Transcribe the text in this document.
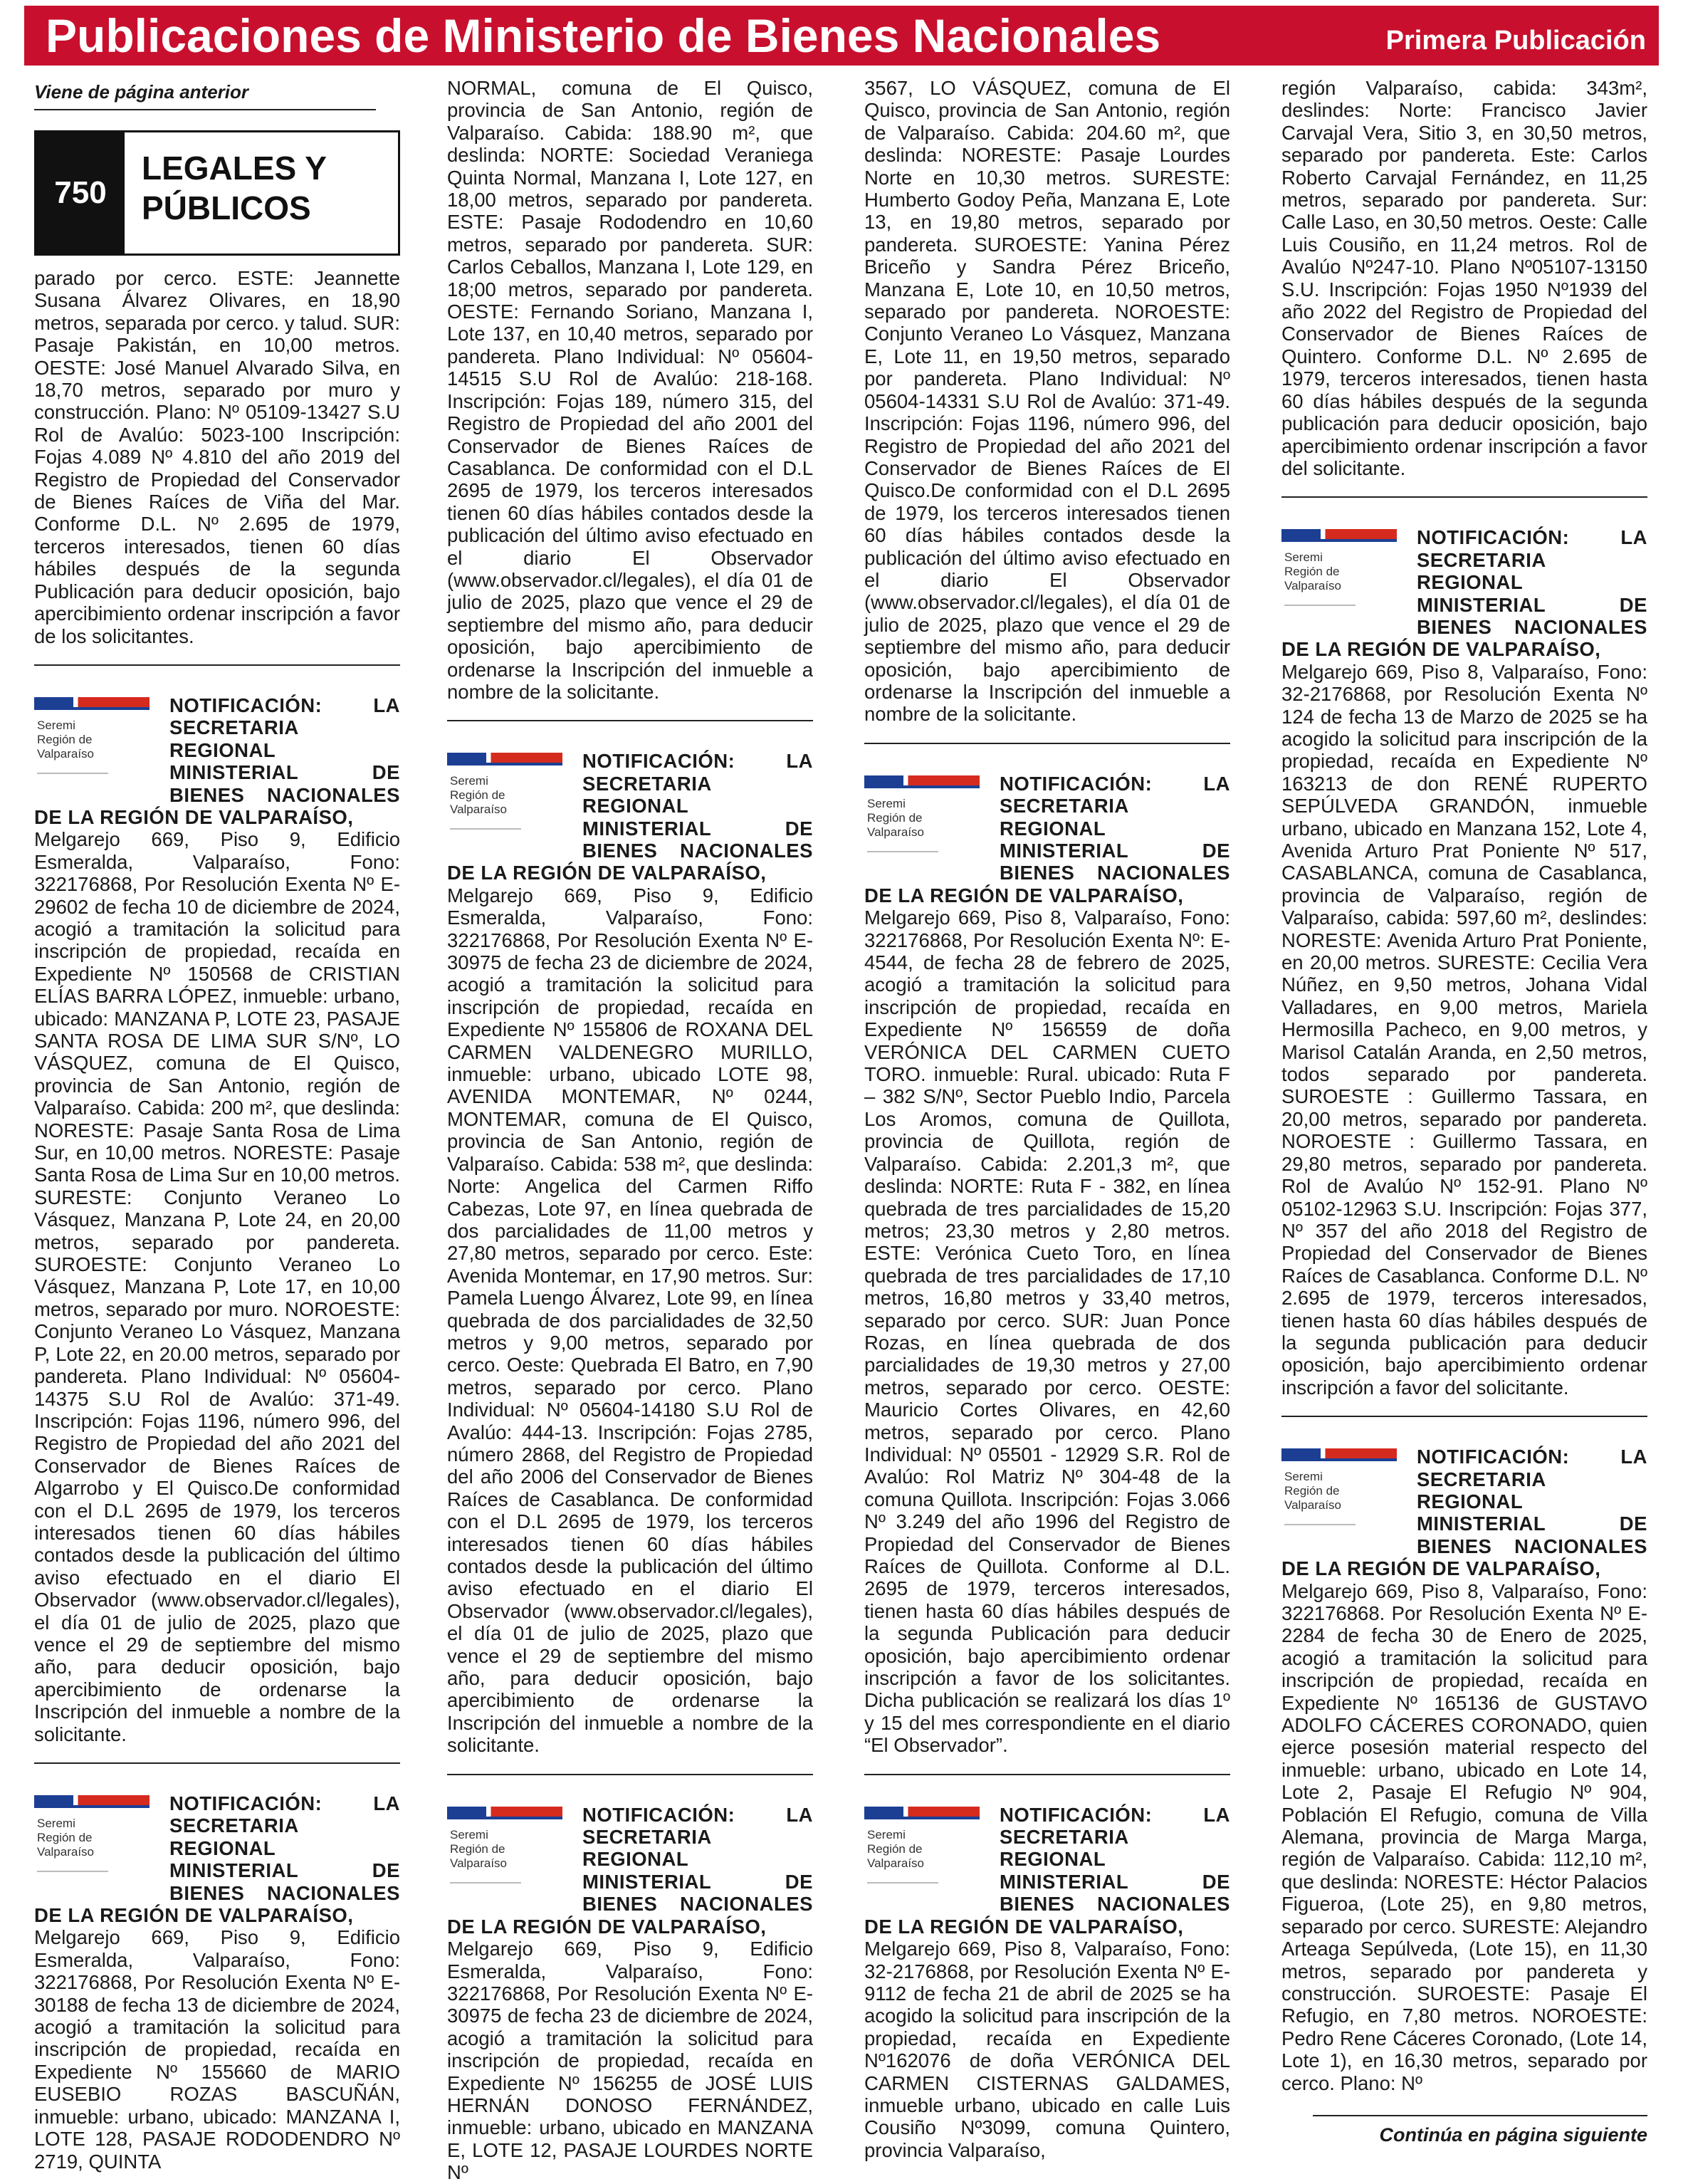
Publicaciones de Ministerio de Bienes Nacionales	Primera Publicación
Viene de página anterior
750
LEGALES Y
PÚBLICOS
parado por cerco. ESTE: Jeannette Susana Álvarez Olivares, en 18,90 metros, separada por cerco. y talud. SUR: Pasaje Pakistán, en 10,00 metros. OESTE: José Manuel Alvarado Silva, en 18,70 metros, separado por muro y construcción. Plano: Nº 05109-13427 S.U Rol de Avalúo: 5023-100 Inscripción: Fojas 4.089 Nº 4.810 del año 2019 del Registro de Propiedad del Conservador de Bienes Raíces de Viña del Mar. Conforme D.L. Nº 2.695 de 1979, terceros interesados, tienen 60 días hábiles después de la segunda Publicación para deducir oposición, bajo apercibimiento ordenar inscripción a favor de los solicitantes.
Seremi
Región de
Valparaíso
NOTIFICACIÓN: LA SECRETARIA REGIONAL MINISTERIAL DE BIENES NACIONALES DE LA REGIÓN DE VALPARAÍSO,
Melgarejo 669, Piso 9, Edificio Esmeralda, Valparaíso, Fono: 322176868, Por Resolución Exenta Nº E-29602 de fecha 10 de diciembre de 2024, acogió a tramitación la solicitud para inscripción de propiedad, recaída en Expediente Nº 150568 de CRISTIAN ELÍAS BARRA LÓPEZ, inmueble: urbano, ubicado: MANZANA P, LOTE 23, PASAJE SANTA ROSA DE LIMA SUR S/Nº, LO VÁSQUEZ, comuna de El Quisco, provincia de San Antonio, región de Valparaíso. Cabida: 200 m², que deslinda: NORESTE: Pasaje Santa Rosa de Lima Sur, en 10,00 metros. NORESTE: Pasaje Santa Rosa de Lima Sur en 10,00 metros. SURESTE: Conjunto Veraneo Lo Vásquez, Manzana P, Lote 24, en 20,00 metros, separado por pandereta. SUROESTE: Conjunto Veraneo Lo Vásquez, Manzana P, Lote 17, en 10,00 metros, separado por muro. NOROESTE: Conjunto Veraneo Lo Vásquez, Manzana P, Lote 22, en 20.00 metros, separado por pandereta. Plano Individual: Nº 05604-14375 S.U Rol de Avalúo: 371-49. Inscripción: Fojas 1196, número 996, del Registro de Propiedad del año 2021 del Conservador de Bienes Raíces de Algarrobo y El Quisco.De conformidad con el D.L 2695 de 1979, los terceros interesados tienen 60 días hábiles contados desde la publicación del último aviso efectuado en el diario El Observador (www.observador.cl/legales), el día 01 de julio de 2025, plazo que vence el 29 de septiembre del mismo año, para deducir oposición, bajo apercibimiento de ordenarse la Inscripción del inmueble a nombre de la solicitante.
Seremi
Región de
Valparaíso
NOTIFICACIÓN: LA SECRETARIA REGIONAL MINISTERIAL DE BIENES NACIONALES DE LA REGIÓN DE VALPARAÍSO,
Melgarejo 669, Piso 9, Edificio Esmeralda, Valparaíso, Fono: 322176868, Por Resolución Exenta Nº E-30188 de fecha 13 de diciembre de 2024, acogió a tramitación la solicitud para inscripción de propiedad, recaída en Expediente Nº 155660 de MARIO EUSEBIO ROZAS BASCUÑÁN, inmueble: urbano, ubicado: MANZANA I, LOTE 128, PASAJE RODODENDRO Nº 2719, QUINTA
NORMAL, comuna de El Quisco, provincia de San Antonio, región de Valparaíso. Cabida: 188.90 m², que deslinda: NORTE: Sociedad Veraniega Quinta Normal, Manzana I, Lote 127, en 18,00 metros, separado por pandereta. ESTE: Pasaje Rododendro en 10,60 metros, separado por pandereta. SUR: Carlos Ceballos, Manzana I, Lote 129, en 18;00 metros, separado por pandereta. OESTE: Fernando Soriano, Manzana I, Lote 137, en 10,40 metros, separado por pandereta. Plano Individual: Nº 05604-14515 S.U Rol de Avalúo: 218-168. Inscripción: Fojas 189, número 315, del Registro de Propiedad del año 2001 del Conservador de Bienes Raíces de Casablanca. De conformidad con el D.L 2695 de 1979, los terceros interesados tienen 60 días hábiles contados desde la publicación del último aviso efectuado en el diario El Observador (www.observador.cl/legales), el día 01 de julio de 2025, plazo que vence el 29 de septiembre del mismo año, para deducir oposición, bajo apercibimiento de ordenarse la Inscripción del inmueble a nombre de la solicitante.
Seremi
Región de
Valparaíso
NOTIFICACIÓN: LA SECRETARIA REGIONAL MINISTERIAL DE BIENES NACIONALES DE LA REGIÓN DE VALPARAÍSO,
Melgarejo 669, Piso 9, Edificio Esmeralda, Valparaíso, Fono: 322176868, Por Resolución Exenta Nº E-30975 de fecha 23 de diciembre de 2024, acogió a tramitación la solicitud para inscripción de propiedad, recaída en Expediente Nº 155806 de ROXANA DEL CARMEN VALDENEGRO MURILLO, inmueble: urbano, ubicado LOTE 98, AVENIDA MONTEMAR, Nº 0244, MONTEMAR, comuna de El Quisco, provincia de San Antonio, región de Valparaíso. Cabida: 538 m², que deslinda: Norte: Angelica del Carmen Riffo Cabezas, Lote 97, en línea quebrada de dos parcialidades de 11,00 metros y 27,80 metros, separado por cerco. Este: Avenida Montemar, en 17,90 metros. Sur: Pamela Luengo Álvarez, Lote 99, en línea quebrada de dos parcialidades de 32,50 metros y 9,00 metros, separado por cerco. Oeste: Quebrada El Batro, en 7,90 metros, separado por cerco. Plano Individual: Nº 05604-14180 S.U Rol de Avalúo: 444-13. Inscripción: Fojas 2785, número 2868, del Registro de Propiedad del año 2006 del Conservador de Bienes Raíces de Casablanca. De conformidad con el D.L 2695 de 1979, los terceros interesados tienen 60 días hábiles contados desde la publicación del último aviso efectuado en el diario El Observador (www.observador.cl/legales), el día 01 de julio de 2025, plazo que vence el 29 de septiembre del mismo año, para deducir oposición, bajo apercibimiento de ordenarse la Inscripción del inmueble a nombre de la solicitante.
Seremi
Región de
Valparaíso
NOTIFICACIÓN: LA SECRETARIA REGIONAL MINISTERIAL DE BIENES NACIONALES DE LA REGIÓN DE VALPARAÍSO,
Melgarejo 669, Piso 9, Edificio Esmeralda, Valparaíso, Fono: 322176868, Por Resolución Exenta Nº E-30975 de fecha 23 de diciembre de 2024, acogió a tramitación la solicitud para inscripción de propiedad, recaída en Expediente Nº 156255 de JOSÉ LUIS HERNÁN DONOSO FERNÁNDEZ, inmueble: urbano, ubicado en MANZANA E, LOTE 12, PASAJE LOURDES NORTE Nº
3567, LO VÁSQUEZ, comuna de El Quisco, provincia de San Antonio, región de Valparaíso. Cabida: 204.60 m², que deslinda: NORESTE: Pasaje Lourdes Norte en 10,30 metros. SURESTE: Humberto Godoy Peña, Manzana E, Lote 13, en 19,80 metros, separado por pandereta. SUROESTE: Yanina Pérez Briceño y Sandra Pérez Briceño, Manzana E, Lote 10, en 10,50 metros, separado por pandereta. NOROESTE: Conjunto Veraneo Lo Vásquez, Manzana E, Lote 11, en 19,50 metros, separado por pandereta. Plano Individual: Nº 05604-14331 S.U Rol de Avalúo: 371-49. Inscripción: Fojas 1196, número 996, del Registro de Propiedad del año 2021 del Conservador de Bienes Raíces de El Quisco.De conformidad con el D.L 2695 de 1979, los terceros interesados tienen 60 días hábiles contados desde la publicación del último aviso efectuado en el diario El Observador (www.observador.cl/legales), el día 01 de julio de 2025, plazo que vence el 29 de septiembre del mismo año, para deducir oposición, bajo apercibimiento de ordenarse la Inscripción del inmueble a nombre de la solicitante.
Seremi
Región de
Valparaíso
NOTIFICACIÓN: LA SECRETARIA REGIONAL MINISTERIAL DE BIENES NACIONALES DE LA REGIÓN DE VALPARAÍSO,
Melgarejo 669, Piso 8, Valparaíso, Fono: 322176868, Por Resolución Exenta Nº: E-4544, de fecha 28 de febrero de 2025, acogió a tramitación la solicitud para inscripción de propiedad, recaída en Expediente Nº 156559 de doña VERÓNICA DEL CARMEN CUETO TORO. inmueble: Rural. ubicado: Ruta F – 382 S/Nº, Sector Pueblo Indio, Parcela Los Aromos, comuna de Quillota, provincia de Quillota, región de Valparaíso. Cabida: 2.201,3 m², que deslinda: NORTE: Ruta F - 382, en línea quebrada de tres parcialidades de 15,20 metros; 23,30 metros y 2,80 metros. ESTE: Verónica Cueto Toro, en línea quebrada de tres parcialidades de 17,10 metros, 16,80 metros y 33,40 metros, separado por cerco. SUR: Juan Ponce Rozas, en línea quebrada de dos parcialidades de 19,30 metros y 27,00 metros, separado por cerco. OESTE: Mauricio Cortes Olivares, en 42,60 metros, separado por cerco. Plano Individual: Nº 05501 - 12929 S.R. Rol de Avalúo: Rol Matriz Nº 304-48 de la comuna Quillota. Inscripción: Fojas 3.066 Nº 3.249 del año 1996 del Registro de Propiedad del Conservador de Bienes Raíces de Quillota. Conforme al D.L. 2695 de 1979, terceros interesados, tienen hasta 60 días hábiles después de la segunda Publicación para deducir oposición, bajo apercibimiento ordenar inscripción a favor de los solicitantes. Dicha publicación se realizará los días 1º y 15 del mes correspondiente en el diario “El Observador”.
Seremi
Región de
Valparaíso
NOTIFICACIÓN: LA SECRETARIA REGIONAL MINISTERIAL DE BIENES NACIONALES DE LA REGIÓN DE VALPARAÍSO,
Melgarejo 669, Piso 8, Valparaíso, Fono: 32-2176868, por Resolución Exenta Nº E-9112 de fecha 21 de abril de 2025 se ha acogido la solicitud para inscripción de la propiedad, recaída en Expediente Nº162076 de doña VERÓNICA DEL CARMEN CISTERNAS GALDAMES, inmueble urbano, ubicado en calle Luis Cousiño Nº3099, comuna Quintero, provincia Valparaíso,
región Valparaíso, cabida: 343m², deslindes: Norte: Francisco Javier Carvajal Vera, Sitio 3, en 30,50 metros, separado por pandereta. Este: Carlos Roberto Carvajal Fernández, en 11,25 metros, separado por pandereta. Sur: Calle Laso, en 30,50 metros. Oeste: Calle Luis Cousiño, en 11,24 metros. Rol de Avalúo Nº247-10. Plano Nº05107-13150 S.U. Inscripción: Fojas 1950 Nº1939 del año 2022 del Registro de Propiedad del Conservador de Bienes Raíces de Quintero. Conforme D.L. Nº 2.695 de 1979, terceros interesados, tienen hasta 60 días hábiles después de la segunda publicación para deducir oposición, bajo apercibimiento ordenar inscripción a favor del solicitante.
Seremi
Región de
Valparaíso
NOTIFICACIÓN: LA SECRETARIA REGIONAL MINISTERIAL DE BIENES NACIONALES DE LA REGIÓN DE VALPARAÍSO,
Melgarejo 669, Piso 8, Valparaíso, Fono: 32-2176868, por Resolución Exenta Nº 124 de fecha 13 de Marzo de 2025 se ha acogido la solicitud para inscripción de la propiedad, recaída en Expediente Nº 163213 de don RENÉ RUPERTO SEPÚLVEDA GRANDÓN, inmueble urbano, ubicado en Manzana 152, Lote 4, Avenida Arturo Prat Poniente Nº 517, CASABLANCA, comuna de Casablanca, provincia de Valparaíso, región de Valparaíso, cabida: 597,60 m², deslindes: NORESTE: Avenida Arturo Prat Poniente, en 20,00 metros. SURESTE: Cecilia Vera Núñez, en 9,50 metros, Johana Vidal Valladares, en 9,00 metros, Mariela Hermosilla Pacheco, en 9,00 metros, y Marisol Catalán Aranda, en 2,50 metros, todos separado por pandereta. SUROESTE : Guillermo Tassara, en 20,00 metros, separado por pandereta. NOROESTE : Guillermo Tassara, en 29,80 metros, separado por pandereta. Rol de Avalúo Nº 152-91. Plano Nº 05102-12963 S.U. Inscripción: Fojas 377, Nº 357 del año 2018 del Registro de Propiedad del Conservador de Bienes Raíces de Casablanca. Conforme D.L. Nº 2.695 de 1979, terceros interesados, tienen hasta 60 días hábiles después de la segunda publicación para deducir oposición, bajo apercibimiento ordenar inscripción a favor del solicitante.
Seremi
Región de
Valparaíso
NOTIFICACIÓN: LA SECRETARIA REGIONAL MINISTERIAL DE BIENES NACIONALES DE LA REGIÓN DE VALPARAÍSO,
Melgarejo 669, Piso 8, Valparaíso, Fono: 322176868. Por Resolución Exenta Nº E-2284 de fecha 30 de Enero de 2025, acogió a tramitación la solicitud para inscripción de propiedad, recaída en Expediente Nº 165136 de GUSTAVO ADOLFO CÁCERES CORONADO, quien ejerce posesión material respecto del inmueble: urbano, ubicado en Lote 14, Lote 2, Pasaje El Refugio Nº 904, Población El Refugio, comuna de Villa Alemana, provincia de Marga Marga, región de Valparaíso. Cabida: 112,10 m², que deslinda: NORESTE: Héctor Palacios Figueroa, (Lote 25), en 9,80 metros, separado por cerco. SURESTE: Alejandro Arteaga Sepúlveda, (Lote 15), en 11,30 metros, separado por pandereta y construcción. SUROESTE: Pasaje El Refugio, en 7,80 metros. NOROESTE: Pedro Rene Cáceres Coronado, (Lote 14, Lote 1), en 16,30 metros, separado por cerco. Plano: Nº
Continúa en página siguiente
